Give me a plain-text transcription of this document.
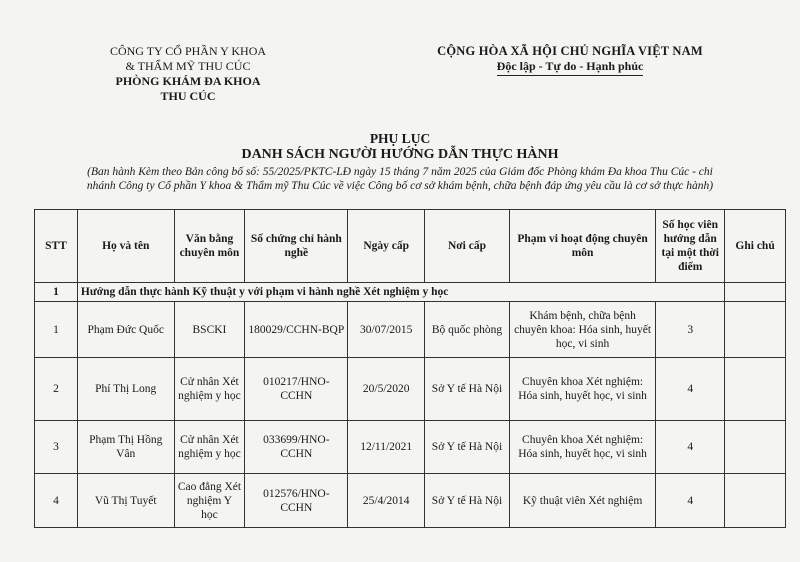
CÔNG TY CỔ PHẦN Y KHOA
& THẨM MỸ THU CÚC
PHÒNG KHÁM ĐA KHOA
THU CÚC
CỘNG HÒA XÃ HỘI CHỦ NGHĨA VIỆT NAM
Độc lập - Tự do - Hạnh phúc
PHỤ LỤC
DANH SÁCH NGƯỜI HƯỚNG DẪN THỰC HÀNH
(Ban hành Kèm theo Bản công bố số: 55/2025/PKTC-LĐ ngày 15 tháng 7 năm 2025 của Giám đốc Phòng khám Đa khoa Thu Cúc - chi
nhánh Công ty Cổ phần Y khoa & Thẩm mỹ Thu Cúc về việc Công bố cơ sở khám bệnh, chữa bệnh đáp ứng yêu cầu là cơ sở thực hành)
STT	Họ và tên	Văn bằng chuyên môn	Số chứng chỉ hành nghề	Ngày cấp	Nơi cấp	Phạm vi hoạt động chuyên môn	Số học viên hướng dẫn tại một thời điểm	Ghi chú
1	Hướng dẫn thực hành Kỹ thuật y với phạm vi hành nghề Xét nghiệm y học							
1	Phạm Đức Quốc	BSCKI	180029/CCHN-BQP	30/07/2015	Bộ quốc phòng	Khám bệnh, chữa bệnh chuyên khoa: Hóa sinh, huyết học, vi sinh	3	
2	Phí Thị Long	Cử nhân Xét nghiệm y học	010217/HNO-CCHN	20/5/2020	Sở Y tế Hà Nội	Chuyên khoa Xét nghiệm: Hóa sinh, huyết học, vi sinh	4	
3	Phạm Thị Hồng Vân	Cử nhân Xét nghiệm y học	033699/HNO-CCHN	12/11/2021	Sở Y tế Hà Nội	Chuyên khoa Xét nghiệm: Hóa sinh, huyết học, vi sinh	4	
4	Vũ Thị Tuyết	Cao đẳng Xét nghiệm Y học	012576/HNO-CCHN	25/4/2014	Sở Y tế Hà Nội	Kỹ thuật viên Xét nghiệm	4	
